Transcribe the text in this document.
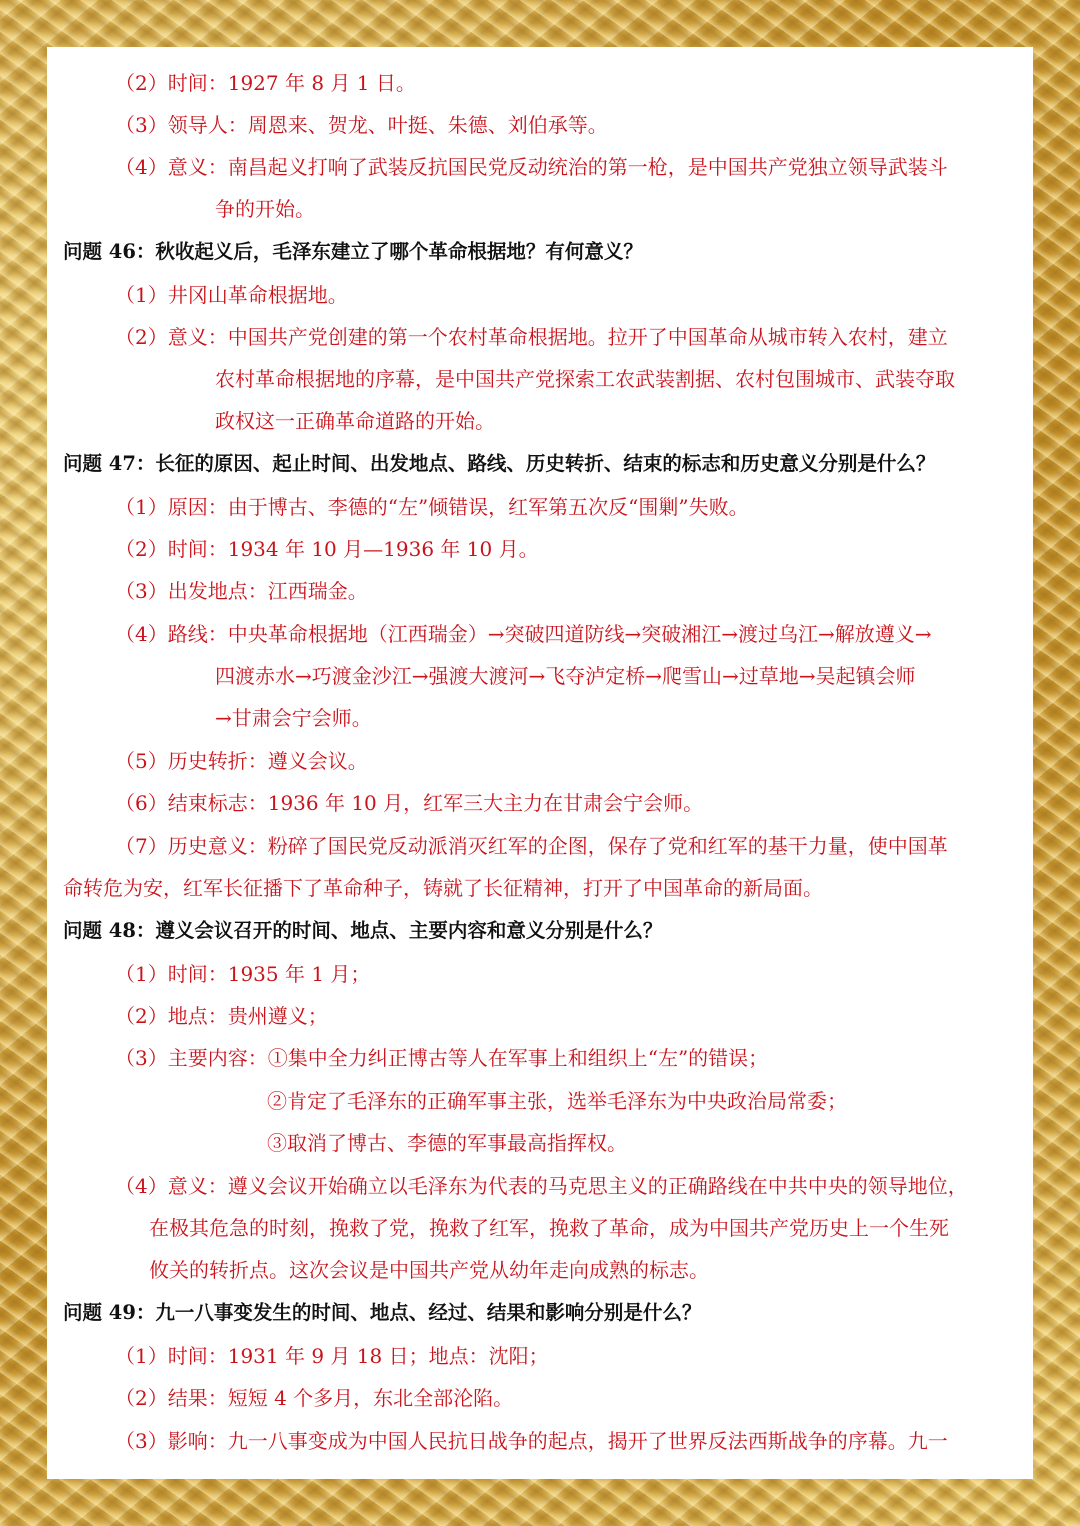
（2）时间：1927 年 8 月 1 日。
（3）领导人：周恩来、贺龙、叶挺、朱德、刘伯承等。
（4）意义：南昌起义打响了武装反抗国民党反动统治的第一枪，是中国共产党独立领导武装斗
争的开始。
问题 46：秋收起义后，毛泽东建立了哪个革命根据地？有何意义？
（1）井冈山革命根据地。
（2）意义：中国共产党创建的第一个农村革命根据地。拉开了中国革命从城市转入农村，建立
农村革命根据地的序幕，是中国共产党探索工农武装割据、农村包围城市、武装夺取
政权这一正确革命道路的开始。
问题 47：长征的原因、起止时间、出发地点、路线、历史转折、结束的标志和历史意义分别是什么？
（1）原因：由于博古、李德的“左”倾错误，红军第五次反“围剿”失败。
（2）时间：1934 年 10 月—1936 年 10 月。
（3）出发地点：江西瑞金。
（4）路线：中央革命根据地（江西瑞金）→突破四道防线→突破湘江→渡过乌江→解放遵义→
四渡赤水→巧渡金沙江→强渡大渡河→飞夺泸定桥→爬雪山→过草地→吴起镇会师
→甘肃会宁会师。
（5）历史转折：遵义会议。
（6）结束标志：1936 年 10 月，红军三大主力在甘肃会宁会师。
（7）历史意义：粉碎了国民党反动派消灭红军的企图，保存了党和红军的基干力量，使中国革
命转危为安，红军长征播下了革命种子，铸就了长征精神，打开了中国革命的新局面。
问题 48：遵义会议召开的时间、地点、主要内容和意义分别是什么？
（1）时间：1935 年 1 月；
（2）地点：贵州遵义；
（3）主要内容：①集中全力纠正博古等人在军事上和组织上“左”的错误；
②肯定了毛泽东的正确军事主张，选举毛泽东为中央政治局常委；
③取消了博古、李德的军事最高指挥权。
（4）意义：遵义会议开始确立以毛泽东为代表的马克思主义的正确路线在中共中央的领导地位，
在极其危急的时刻，挽救了党，挽救了红军，挽救了革命，成为中国共产党历史上一个生死
攸关的转折点。这次会议是中国共产党从幼年走向成熟的标志。
问题 49：九一八事变发生的时间、地点、经过、结果和影响分别是什么？
（1）时间：1931 年 9 月 18 日；地点：沈阳；
（2）结果：短短 4 个多月，东北全部沦陷。
（3）影响：九一八事变成为中国人民抗日战争的起点，揭开了世界反法西斯战争的序幕。九一
